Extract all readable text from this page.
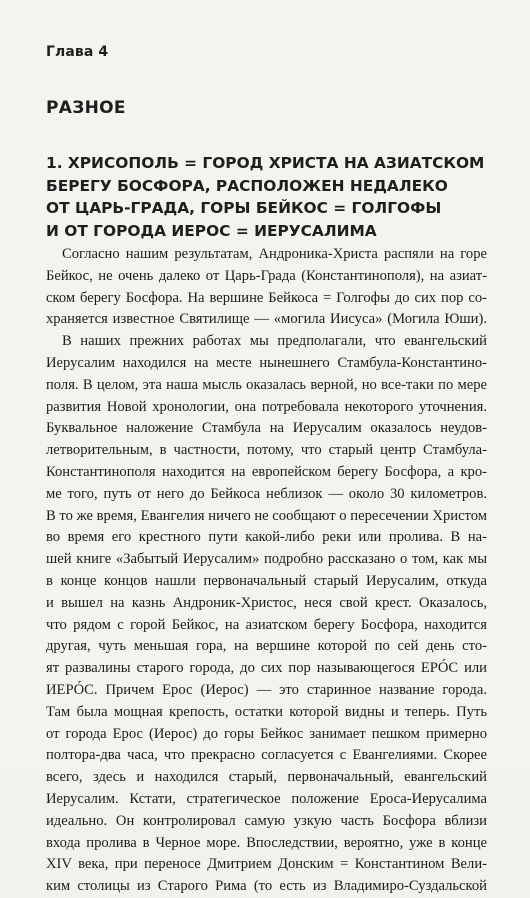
Глава 4
РАЗНОЕ
1. ХРИСОПОЛЬ = ГОРОД ХРИСТА НА АЗИАТСКОМ
БЕРЕГУ БОСФОРА, РАСПОЛОЖЕН НЕДАЛЕКО
ОТ ЦАРЬ-ГРАДА, ГОРЫ БЕЙКОС = ГОЛГОФЫ
И ОТ ГОРОДА ИЕРОС = ИЕРУСАЛИМА
Согласно нашим результатам, Андроника-Христа распяли на горе
Бейкос, не очень далеко от Царь-Града (Константинополя), на азиат-
ском берегу Босфора. На вершине Бейкоса = Голгофы до сих пор со-
храняется известное Святилище — «могила Иисуса» (Могила Юши).
В наших прежних работах мы предполагали, что евангельский
Иерусалим находился на месте нынешнего Стамбула-Константино-
поля. В целом, эта наша мысль оказалась верной, но все-таки по мере
развития Новой хронологии, она потребовала некоторого уточнения.
Буквальное наложение Стамбула на Иерусалим оказалось неудов-
летворительным, в частности, потому, что старый центр Стамбула-
Константинополя находится на европейском берегу Босфора, а кро-
ме того, путь от него до Бейкоса неблизок — около 30 километров.
В то же время, Евангелия ничего не сообщают о пересечении Христом
во время его крестного пути какой-либо реки или пролива. В на-
шей книге «Забытый Иерусалим» подробно рассказано о том, как мы
в конце концов нашли первоначальный старый Иерусалим, откуда
и вышел на казнь Андроник-Христос, неся свой крест. Оказалось,
что рядом с горой Бейкос, на азиатском берегу Босфора, находится
другая, чуть меньшая гора, на вершине которой по сей день сто-
ят развалины старого города, до сих пор называющегося ЕРÓС или
ИЕРÓС. Причем Ерос (Иерос) — это старинное название города.
Там была мощная крепость, остатки которой видны и теперь. Путь
от города Ерос (Иерос) до горы Бейкос занимает пешком примерно
полтора-два часа, что прекрасно согласуется с Евангелиями. Скорее
всего, здесь и находился старый, первоначальный, евангельский
Иерусалим. Кстати, стратегическое положение Ероса-Иерусалима
идеально. Он контролировал самую узкую часть Босфора вблизи
входа пролива в Черное море. Впоследствии, вероятно, уже в конце
XIV века, при переносе Дмитрием Донским = Константином Вели-
ким столицы из Старого Рима (то есть из Владимиро-Суздальской
